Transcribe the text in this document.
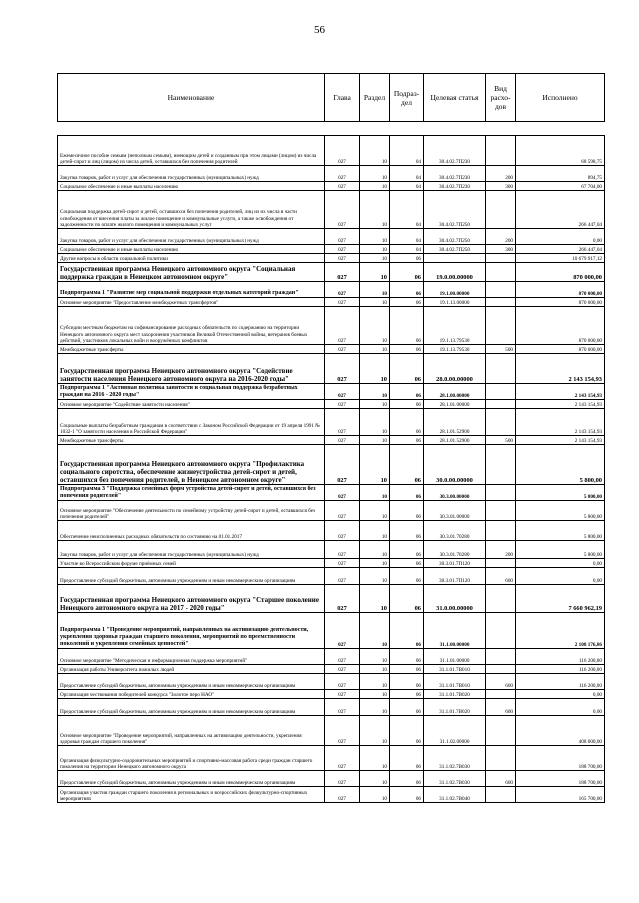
56
Наименование	Глава	Раздел	Подраз-дел	Целевая статья	Вид расхо-дов	Исполнено

Ежемесячное пособие семьям (неполным семьям), имеющим детей и созданным при этом лицами (лицом) из числа детей-сирот и лиц (лицом) из числа детей, оставшихся без попечения родителей	027	10	04	30.4.02.7П230		68 598,75
Закупка товаров, работ и услуг для обеспечения государственных (муниципальных) нужд	027	10	04	30.4.02.7П230	200	894,75
Социальное обеспечение и иные выплаты населению	027	10	04	30.4.02.7П230	300	67 704,00
Социальная поддержка детей-сирот и детей, оставшихся без попечения родителей, лиц из их числа в части освобождения от внесения платы за жилое помещение и коммунальные услуги, а также освобождения от задолженности по оплате жилого помещения и коммунальных услуг	027	10	04	30.4.02.7П250		266 447,04
Закупка товаров, работ и услуг для обеспечения государственных (муниципальных) нужд	027	10	04	30.4.02.7П250	200	0,00
Социальное обеспечение и иные выплаты населению	027	10	04	30.4.02.7П250	300	266 447,04
Другие вопросы в области социальной политики	027	10	06			10 679 917,12
Государственная программа Ненецкого автономного округа "Социальная поддержка граждан в Ненецком автономном округе"	027	10	06	19.0.00.00000		870 000,00
Подпрограмма 1 "Развитие мер социальной поддержки отдельных категорий граждан"	027	10	06	19.1.00.00000		870 000,00
Основное мероприятие "Предоставление межбюджетных трансфертов"	027	10	06	19.1.13.00000		870 000,00
Субсидии местным бюджетам на софинансирование расходных обязательств по содержанию на территории Ненецкого автономного округа мест захоронения участников Великой Отечественной войны, ветеранов боевых действий, участников локальных войн и вооружённых конфликтов	027	10	06	19.1.13.79530		870 000,00
Межбюджетные трансферты	027	10	06	19.1.13.79530	500	870 000,00
Государственная программа Ненецкого автономного округа "Содействие занятости населения Ненецкого автономного округа на 2016-2020 годы"	027	10	06	28.0.00.00000		2 143 154,93
Подпрограмма 1 "Активная политика занятости и социальная поддержка безработных граждан на 2016 - 2020 годы"	027	10	06	28.1.00.00000		2 143 154,93
Основное мероприятие "Содействие занятости населения"	027	10	06	28.1.01.00000		2 143 154,93
Социальные выплаты безработным гражданам в соответствии с Законом Российской Федерации от 19 апреля 1991 № 1032-1 "О занятости населения в Российской Федерации"	027	10	06	28.1.01.52900		2 143 154,93
Межбюджетные трансферты	027	10	06	28.1.01.52900	500	2 143 154,93
Государственная программа Ненецкого автономного округа "Профилактика социального сиротства, обеспечение жизнеустройства детей-сирот и детей, оставшихся без попечения родителей, в Ненецком автономном округе"	027	10	06	30.0.00.00000		5 800,00
Подпрограмма 3 "Поддержка семейных форм устройства детей-сирот и детей, оставшихся без попечения родителей"	027	10	06	30.3.00.00000		5 800,00
Основное мероприятие "Обеспечение деятельности по семейному устройству детей-сирот и детей, оставшихся без попечения родителей"	027	10	06	30.3.01.00000		5 800,00
Обеспечение неисполненных расходных обязательств по состоянию на 01.01.2017	027	10	06	30.3.01.70280		5 800,00
Закупка товаров, работ и услуг для обеспечения государственных (муниципальных) нужд	027	10	06	30.3.01.70280	200	5 800,00
Участие во Всероссийском форуме приёмных семей	027	10	06	30.3.01.7П120		0,00
Предоставление субсидий бюджетным, автономным учреждениям и иным некоммерческим организациям	027	10	06	30.3.01.7П120	600	0,00
Государственная программа Ненецкого автономного округа "Старшее поколение Ненецкого автономного округа на 2017 - 2020 годы"	027	10	06	31.0.00.00000		7 660 962,19
Подпрограмма 1 "Проведение мероприятий, направленных на активизацию деятельности, укрепления здоровья граждан старшего поколения, мероприятий по преемственности поколений и укрепления семейных ценностей"	027	10	06	31.1.00.00000		2 108 176,86
Основное мероприятие "Методическая и информационная поддержка мероприятий"	027	10	06	31.1.01.00000		116 200,00
Организация работы Университета пожилых людей	027	10	06	31.1.01.7В010		116 200,00
Предоставление субсидий бюджетным, автономным учреждениям и иным некоммерческим организациям	027	10	06	31.1.01.7В010	600	116 200,00
Организация чествования победителей конкурса "Золотое перо НАО"	027	10	06	31.1.01.7В020		0,00
Предоставление субсидий бюджетным, автономным учреждениям и иным некоммерческим организациям	027	10	06	31.1.01.7В020	600	0,00
Основное мероприятие "Проведение мероприятий, направленных на активизацию деятельности, укрепления здоровья граждан старшего поколения"	027	10	06	31.1.02.00000		408 000,00
Организация физкультурно-оздоровительных мероприятий и спортивно-массовая работа среди граждан старшего поколения на территории Ненецкого автономного округа	027	10	06	31.1.02.7В030		188 700,00
Предоставление субсидий бюджетным, автономным учреждениям и иным некоммерческим организациям	027	10	06	31.1.02.7В030	600	188 700,00
Организация участия граждан старшего поколения в региональных и всероссийских физкультурно-спортивных мероприятиях	027	10	06	31.1.02.7В040		165 700,00
